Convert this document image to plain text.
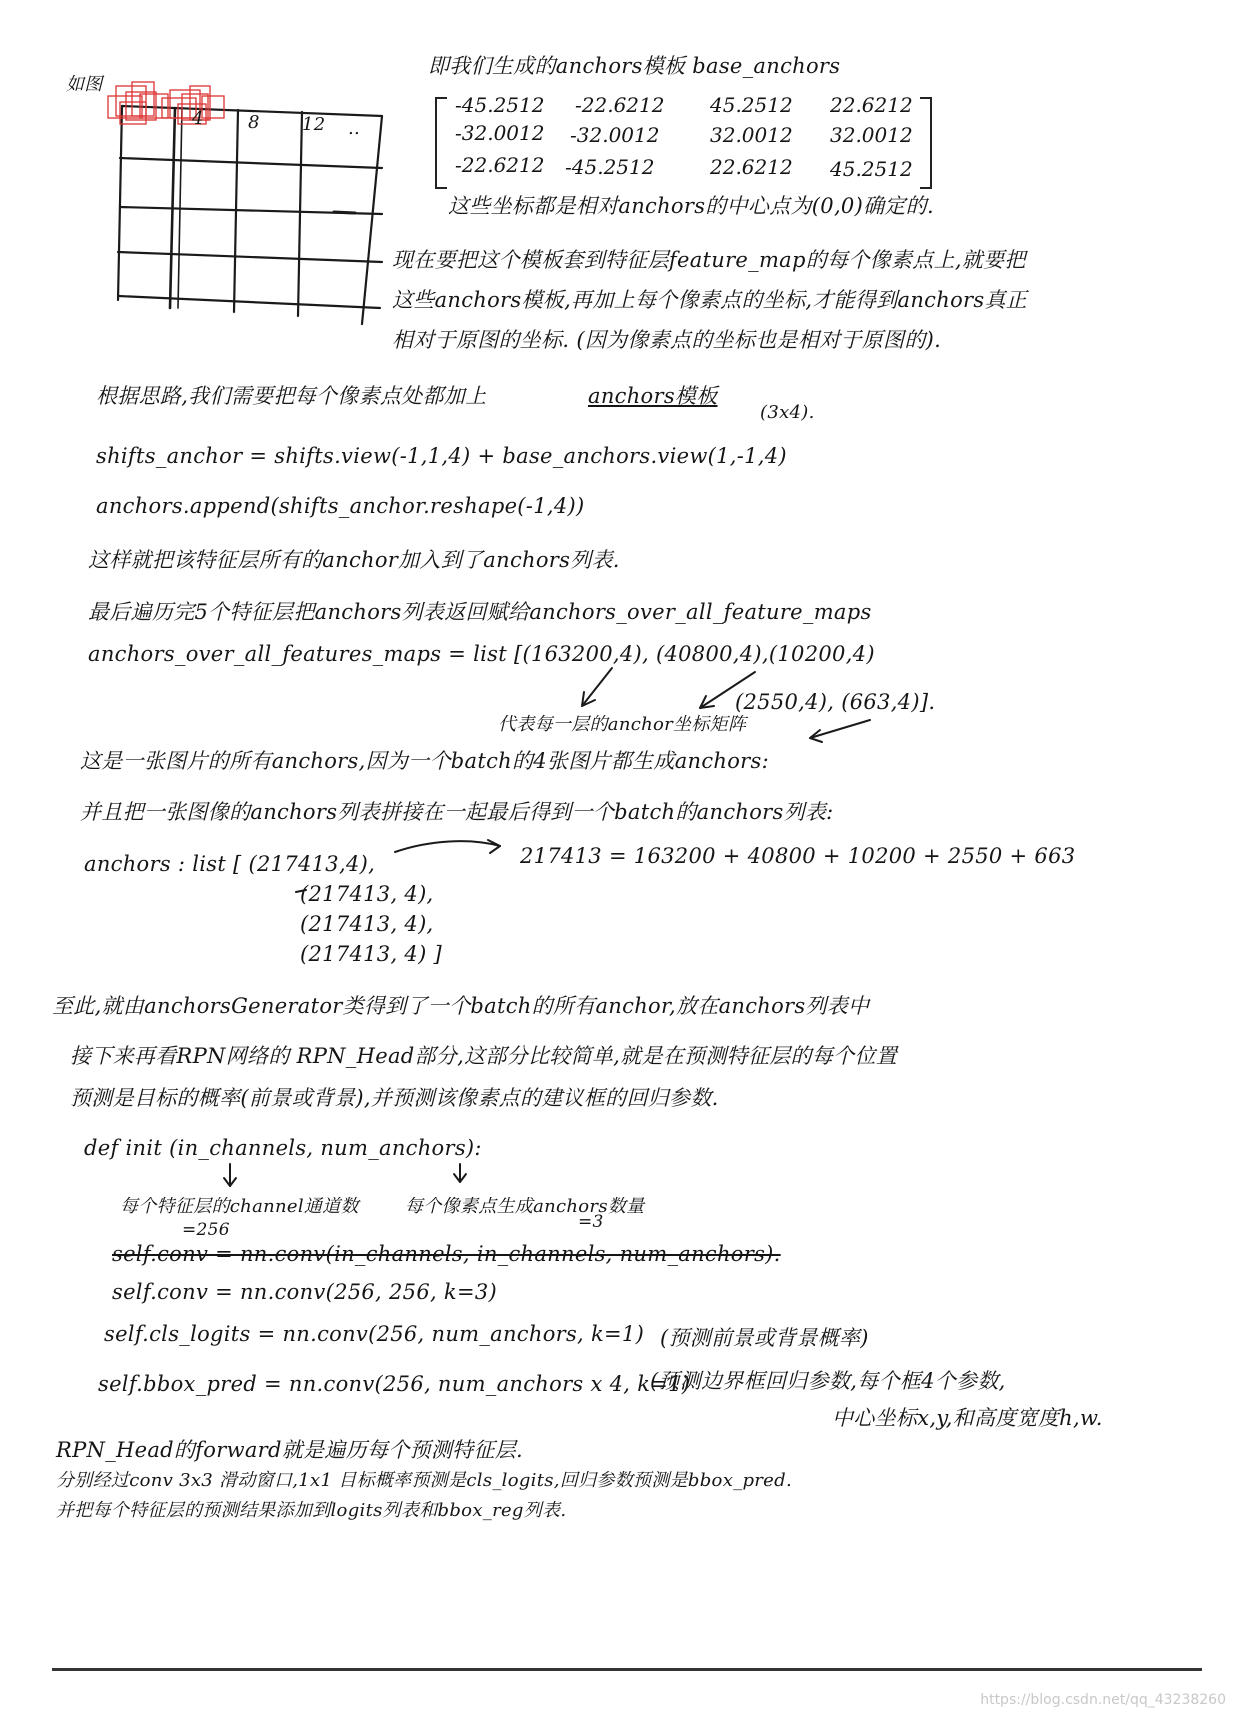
如图
4 8 12 ..
即我们生成的anchors模板 base_anchors
-45.2512 -22.6212 45.2512 22.6212
-32.0012 -32.0012	32.0012 32.0012
-22.6212 -45.2512	22.6212 45.2512
这些坐标都是相对anchors的中心点为(0,0)确定的.
现在要把这个模板套到特征层feature_map的每个像素点上,就要把
这些anchors模板,再加上每个像素点的坐标,才能得到anchors真正
相对于原图的坐标. (因为像素点的坐标也是相对于原图的).
根据思路,我们需要把每个像素点处都加上	anchors模板
(3x4).
shifts_anchor = shifts.view(-1,1,4) + base_anchors.view(1,-1,4)
anchors.append(shifts_anchor.reshape(-1,4))
这样就把该特征层所有的anchor加入到了anchors列表.
最后遍历完5个特征层把anchors列表返回赋给anchors_over_all_feature_maps
anchors_over_all_features_maps = list [(163200,4), (40800,4),(10200,4)
(2550,4), (663,4)].
代表每一层的anchor坐标矩阵
这是一张图片的所有anchors,因为一个batch的4张图片都生成anchors:
并且把一张图像的anchors列表拼接在一起最后得到一个batch的anchors列表:
anchors : list [ (217413,4),	217413 = 163200 + 40800 + 10200 + 2550 + 663
(217413, 4),
(217413, 4),
(217413, 4) ]
至此,就由anchorsGenerator类得到了一个batch的所有anchor,放在anchors列表中
接下来再看RPN网络的 RPN_Head部分,这部分比较简单,就是在预测特征层的每个位置
预测是目标的概率(前景或背景),并预测该像素点的建议框的回归参数.
def init (in_channels, num_anchors):
每个特征层的channel通道数	每个像素点生成anchors数量
=256	=3
self.conv = nn.conv(in_channels, in_channels, num_anchors).
self.conv = nn.conv(256, 256, k=3)
self.cls_logits = nn.conv(256, num_anchors, k=1) (预测前景或背景概率)
self.bbox_pred = nn.conv(256, num_anchors x 4, k=1)
(预测边界框回归参数,每个框4个参数,
中心坐标x,y,和高度宽度h,w.
RPN_Head的forward就是遍历每个预测特征层.
分别经过conv 3x3 滑动窗口,1x1 目标概率预测是cls_logits,回归参数预测是bbox_pred.
并把每个特征层的预测结果添加到logits列表和bbox_reg列表.
https://blog.csdn.net/qq_43238260
